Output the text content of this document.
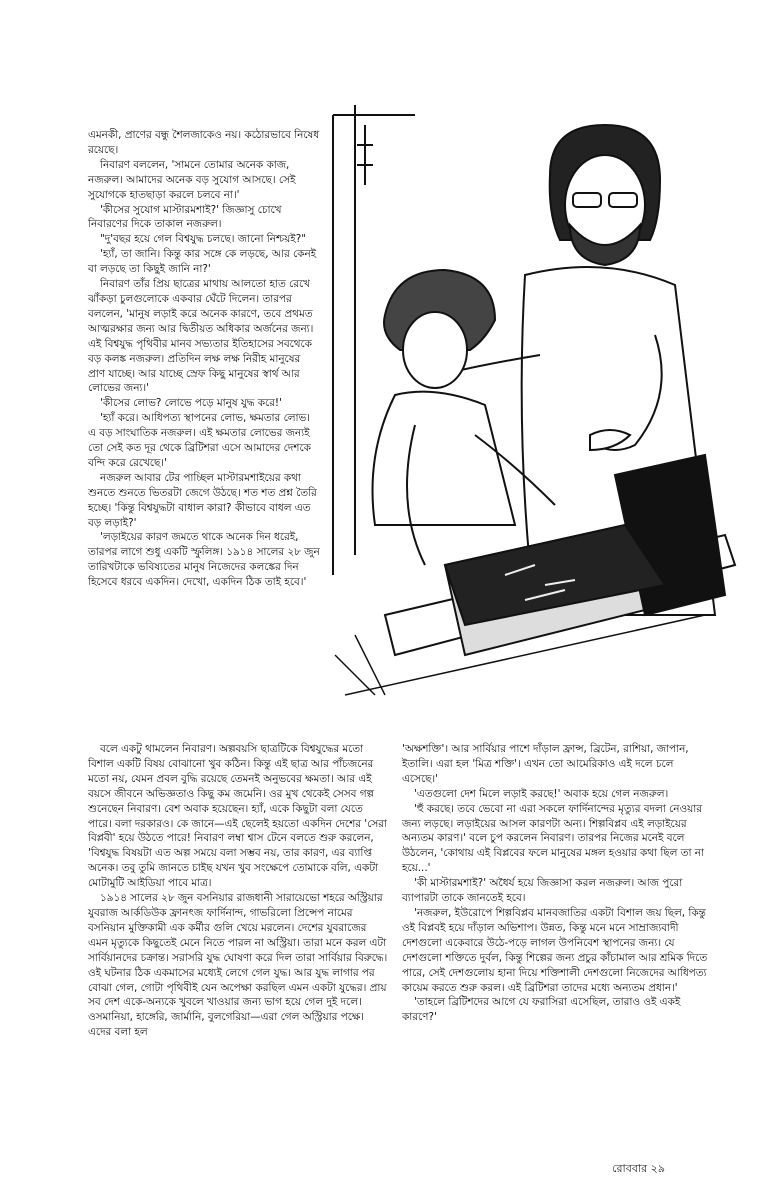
এমনকী, প্রাণের বন্ধু শৈলজাকেও নয়। কঠোরভাবে নিষেধ রয়েছে।

নিবারণ বললেন, 'সামনে তোমার অনেক কাজ, নজরুল। আমাদের অনেক বড় সুযোগ আসছে। সেই সুযোগকে হাতছাড়া করলে চলবে না।'

'কীসের সুযোগ মাস্টারমশাই?' জিজ্ঞাসু চোখে নিবারণের দিকে তাকাল নজরুল।

"দু'বছর হয়ে গেল বিশ্বযুদ্ধ চলছে। জানো নিশ্চয়ই?"

'হ্যাঁ, তা জানি। কিন্তু কার সঙ্গে কে লড়ছে, আর কেনই বা লড়ছে তা কিছুই জানি না?'

নিবারণ তাঁর প্রিয় ছাত্রের মাথায় আলতো হাত রেখে ঝাঁকড়া চুলগুলোকে একবার ঘেঁটে দিলেন। তারপর বললেন, 'মানুষ লড়াই করে অনেক কারণে, তবে প্রথমত আত্মরক্ষার জন্য আর দ্বিতীয়ত অধিকার অর্জনের জন্য। এই বিশ্বযুদ্ধ পৃথিবীর মানব সভ্যতার ইতিহাসের সবথেকে বড় কলঙ্ক নজরুল। প্রতিদিন লক্ষ লক্ষ নিরীহ মানুষের প্রাণ যাচ্ছে। আর যাচ্ছে স্রেফ কিছু মানুষের স্বার্থ আর লোভের জন্য।'

'কীসের লোভ? লোভে পড়ে মানুষ যুদ্ধ করে!'

'হ্যাঁ করে। আধিপত্য স্থাপনের লোভ, ক্ষমতার লোভ। এ বড় সাংঘাতিক নজরুল। এই ক্ষমতার লোভের জন্যই তো সেই কত দূর থেকে ব্রিটিশরা এসে আমাদের দেশকে বন্দি করে রেখেছে।'

নজরুল আবার টের পাচ্ছিল মাস্টারমশাইয়ের কথা শুনতে শুনতে ভিতরটা জেগে উঠছে। শত শত প্রশ্ন তৈরি হচ্ছে। 'কিন্তু বিশ্বযুদ্ধটা বাধাল কারা? কীভাবে বাধল এত বড় লড়াই?'

'লড়াইয়ের কারণ জমতে থাকে অনেক দিন ধরেই, তারপর লাগে শুধু একটি স্ফুলিঙ্গ। ১৯১৪ সালের ২৮ জুন তারিখটাকে ভবিষ্যতের মানুষ নিজেদের কলঙ্কের দিন হিসেবে ধরবে একদিন। দেখো, একদিন ঠিক তাই হবে।'

বলে একটু থামলেন নিবারণ। অল্পবয়সি ছাত্রটিকে বিশ্বযুদ্ধের মতো বিশাল একটি বিষয় বোঝানো খুব কঠিন। কিন্তু এই ছাত্র আর পাঁচজনের মতো নয়, যেমন প্রবল বুদ্ধি রয়েছে তেমনই অনুভবের ক্ষমতা। আর এই বয়সে জীবনে অভিজ্ঞতাও কিছু কম জমেনি। ওর মুখ থেকেই সেসব গল্প শুনেছেন নিবারণ। বেশ অবাক হয়েছেন। হ্যাঁ, একে কিছুটা বলা যেতে পারে। বলা দরকারও। কে জানে—এই ছেলেই হয়তো একদিন দেশের 'সেরা বিপ্লবী' হয়ে উঠতে পারে! নিবারণ লম্বা শ্বাস টেনে বলতে শুরু করলেন, 'বিশ্বযুদ্ধ বিষয়টা এত অল্প সময়ে বলা সম্ভব নয়, তার কারণ, এর ব্যাপ্তি অনেক। তবু তুমি জানতে চাইছ যখন খুব সংক্ষেপে তোমাকে বলি, একটা মোটামুটি আইডিয়া পাবে মাত্র।

১৯১৪ সালের ২৮ জুন বসনিয়ার রাজধানী সারায়েভো শহরে অস্ট্রিয়ার যুবরাজ আর্কডিউক ফ্রানৎজ ফার্দিনান্দ, গাভরিলো প্রিন্সেপ নামের বসনিয়ান মুক্তিকামী এক কর্মীর গুলি খেয়ে মরলেন। দেশের যুবরাজের এমন মৃত্যুকে কিছুতেই মেনে নিতে পারল না অস্ট্রিয়া। তারা মনে করল এটা সার্বিয়ানদের চক্রান্ত। সরাসরি যুদ্ধ ঘোষণা করে দিল তারা সার্বিয়ার বিরুদ্ধে। ওই ঘটনার ঠিক একমাসের মধ্যেই লেগে গেল যুদ্ধ। আর যুদ্ধ লাগার পর বোঝা গেল, গোটা পৃথিবীই যেন অপেক্ষা করছিল এমন একটা যুদ্ধের। প্রায় সব দেশ একে-অন্যকে খুবলে খাওয়ার জন্য ভাগ হয়ে গেল দুই দলে। ওসমানিয়া, হাঙ্গেরি, জার্মানি, বুলগেরিয়া—এরা গেল অস্ট্রিয়ার পক্ষে। এদের বলা হল

'অক্ষশক্তি'। আর সার্বিয়ার পাশে দাঁড়াল ফ্রান্স, ব্রিটেন, রাশিয়া, জাপান, ইতালি। এরা হল 'মিত্র শক্তি'। এখন তো আমেরিকাও এই দলে চলে এসেছে।'

'এতগুলো দেশ মিলে লড়াই করছে!' অবাক হয়ে গেল নজরুল।

'হুঁ করছে। তবে ভেবো না এরা সকলে ফার্দিনান্দের মৃত্যুর বদলা নেওয়ার জন্য লড়ছে। লড়াইয়ের আসল কারণটা অন্য। শিল্পবিপ্লব এই লড়াইয়ের অন্যতম কারণ।' বলে চুপ করলেন নিবারণ। তারপর নিজের মনেই বলে উঠলেন, 'কোথায় এই বিপ্লবের ফলে মানুষের মঙ্গল হওয়ার কথা ছিল তা না হয়ে...'

'কী মাস্টারমশাই?' অধৈর্য হয়ে জিজ্ঞাসা করল নজরুল। আজ পুরো ব্যাপারটা তাকে জানতেই হবে।

'নজরুল, ইউরোপে শিল্পবিপ্লব মানবজাতির একটা বিশাল জয় ছিল, কিন্তু ওই বিপ্লবই হয়ে দাঁড়াল অভিশাপ। উন্নত, কিন্তু মনে মনে সাম্রাজ্যবাদী দেশগুলো একেবারে উঠে-পড়ে লাগল উপনিবেশ স্থাপনের জন্য। যে দেশগুলো শক্তিতে দুর্বল, কিন্তু শিল্পের জন্য প্রচুর কাঁচামাল আর শ্রমিক দিতে পারে, সেই দেশগুলোয় হানা দিয়ে শক্তিশালী দেশগুলো নিজেদের আধিপত্য কায়েম করতে শুরু করল। এই ব্রিটিশরা তাদের মধ্যে অন্যতম প্রধান।'

'তাহলে ব্রিটিশদের আগে যে ফরাসিরা এসেছিল, তারাও ওই একই কারণে?'

রোববার ২৯
